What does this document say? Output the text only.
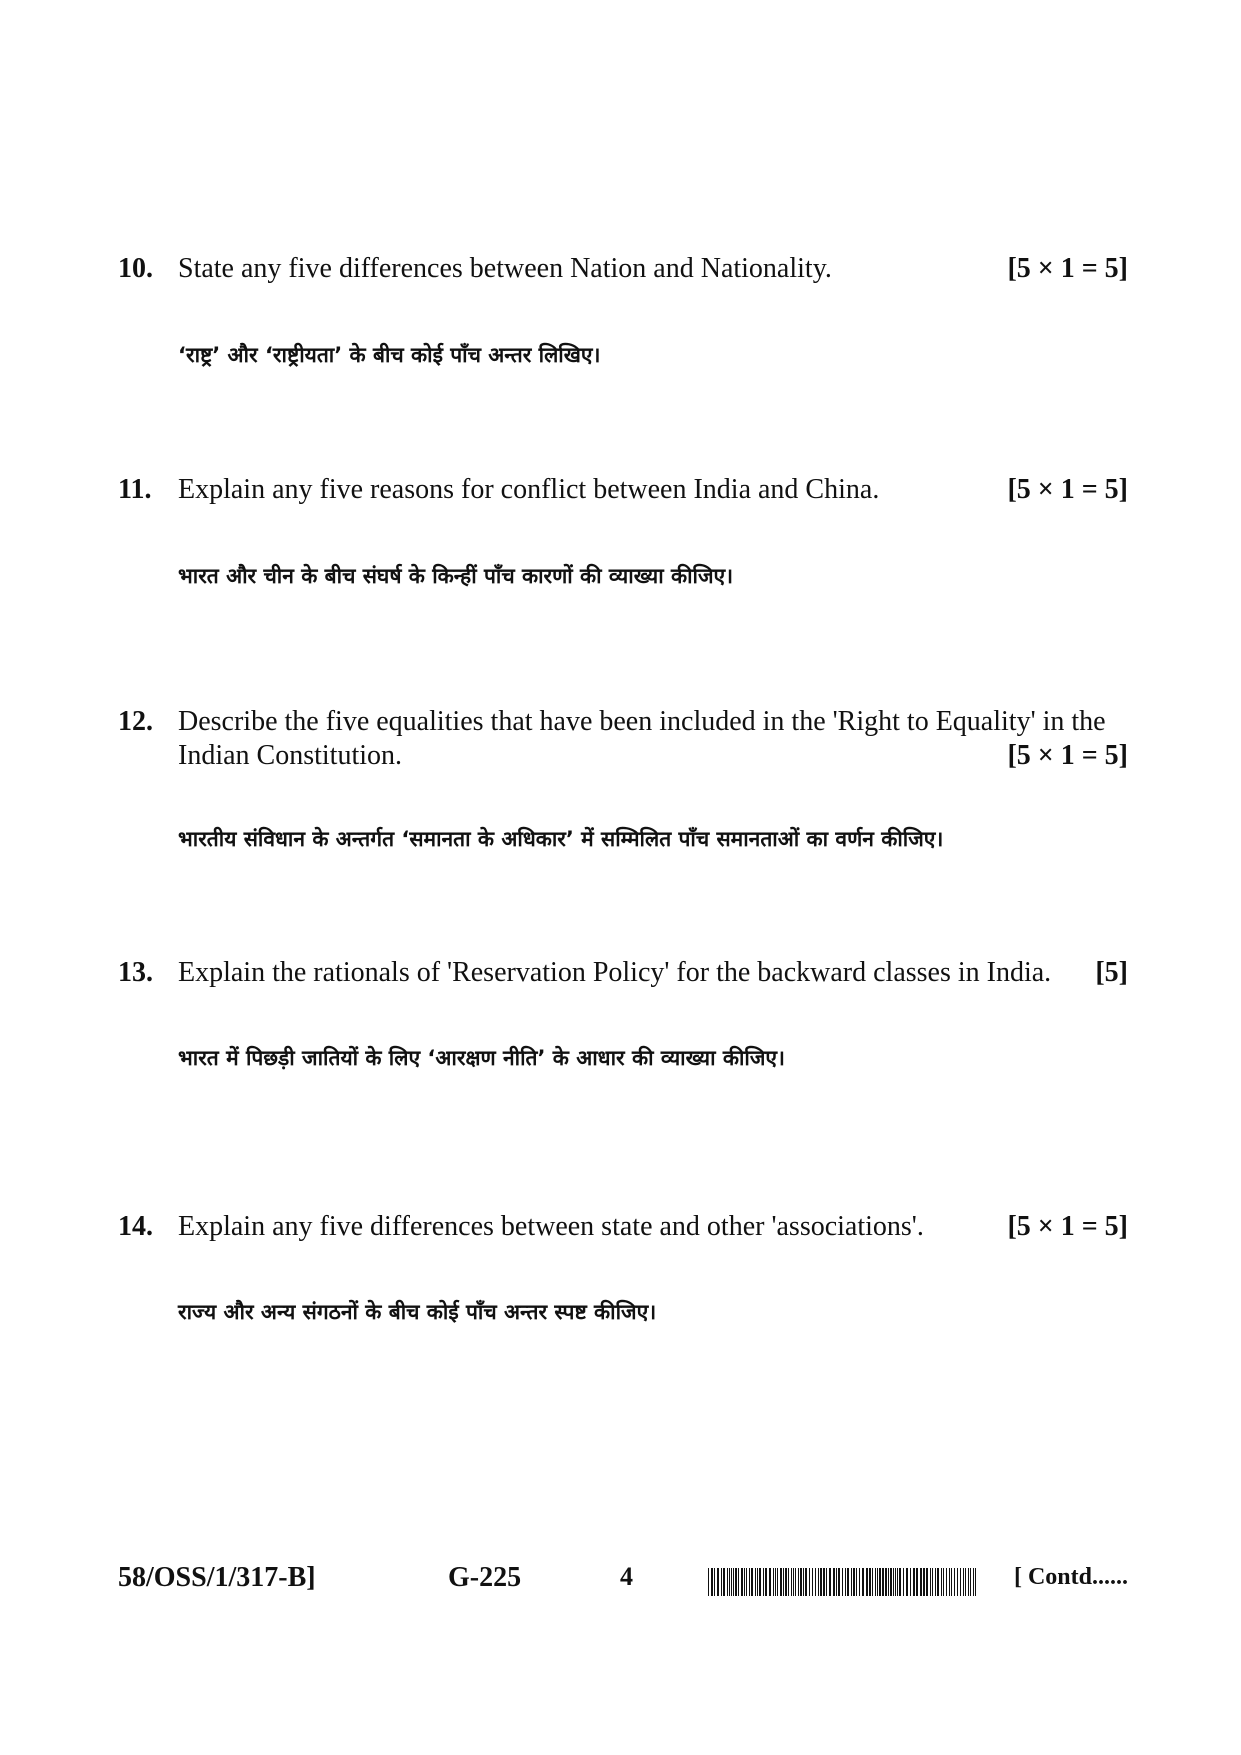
10. State any five differences between Nation and Nationality.	[5 × 1 = 5]
‘राष्ट्र’ और ‘राष्ट्रीयता’ के बीच कोई पाँच अन्तर लिखिए।
11. Explain any five reasons for conflict between India and China.	[5 × 1 = 5]
भारत और चीन के बीच संघर्ष के किन्हीं पाँच कारणों की व्याख्या कीजिए।
12. Describe the five equalities that have been included in the 'Right to Equality' in the
Indian Constitution.	[5 × 1 = 5]
भारतीय संविधान के अन्तर्गत ‘समानता के अधिकार’ में सम्मिलित पाँच समानताओं का वर्णन कीजिए।
13. Explain the rationals of 'Reservation Policy' for the backward classes in India.	[5]
भारत में पिछड़ी जातियों के लिए ‘आरक्षण नीति’ के आधार की व्याख्या कीजिए।
14. Explain any five differences between state and other 'associations'.	[5 × 1 = 5]
राज्य और अन्य संगठनों के बीच कोई पाँच अन्तर स्पष्ट कीजिए।
58/OSS/1/317-B]	G-225	4	[ Contd......
